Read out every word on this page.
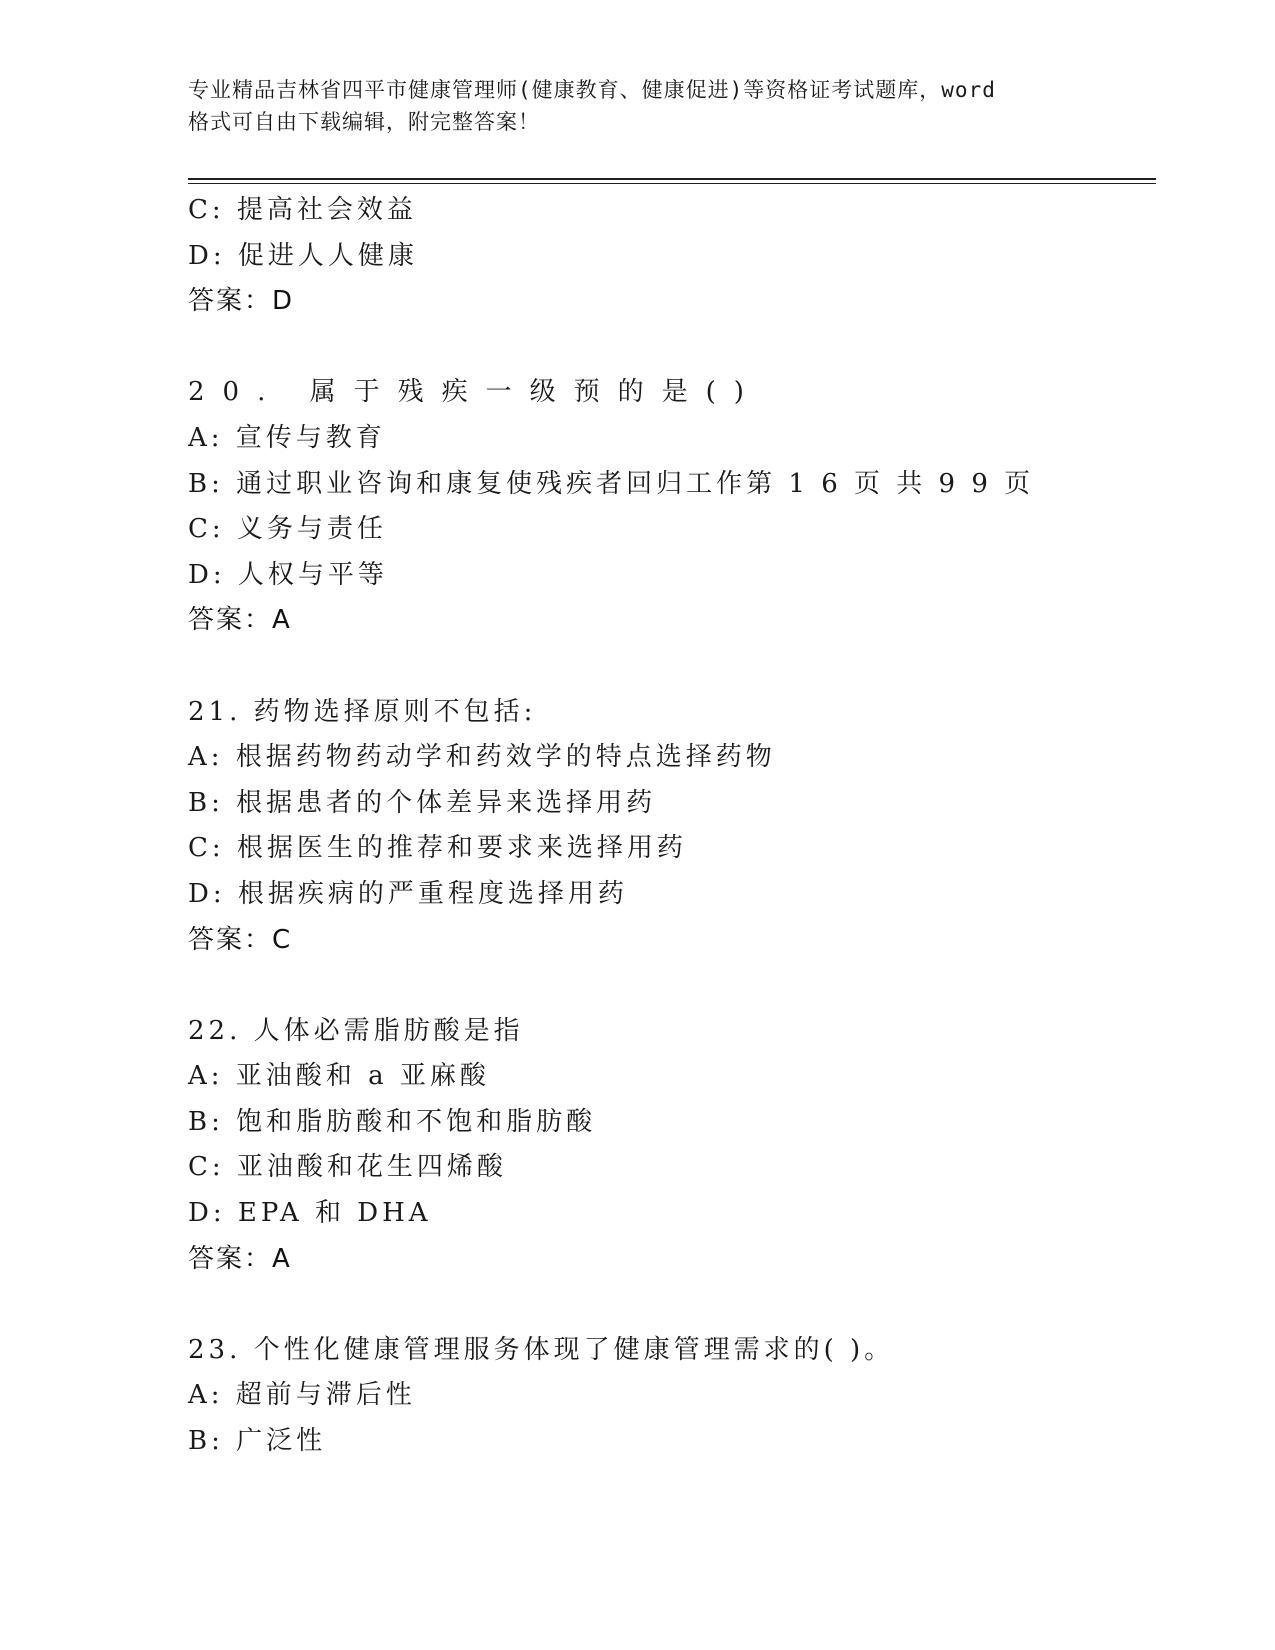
专业精品吉林省四平市健康管理师(健康教育、健康促进)等资格证考试题库，word
格式可自由下载编辑，附完整答案！
C: 提高社会效益
D: 促进人人健康
答案：D
20. 属于残疾一级预的是()
A: 宣传与教育
B: 通过职业咨询和康复使残疾者回归工作第 1 6 页 共 9 9 页
C: 义务与责任
D: 人权与平等
答案：A
21. 药物选择原则不包括:
A: 根据药物药动学和药效学的特点选择药物
B: 根据患者的个体差异来选择用药
C: 根据医生的推荐和要求来选择用药
D: 根据疾病的严重程度选择用药
答案：C
22. 人体必需脂肪酸是指
A: 亚油酸和 a 亚麻酸
B: 饱和脂肪酸和不饱和脂肪酸
C: 亚油酸和花生四烯酸
D: EPA 和 DHA
答案：A
23. 个性化健康管理服务体现了健康管理需求的( )。
A: 超前与滞后性
B: 广泛性
